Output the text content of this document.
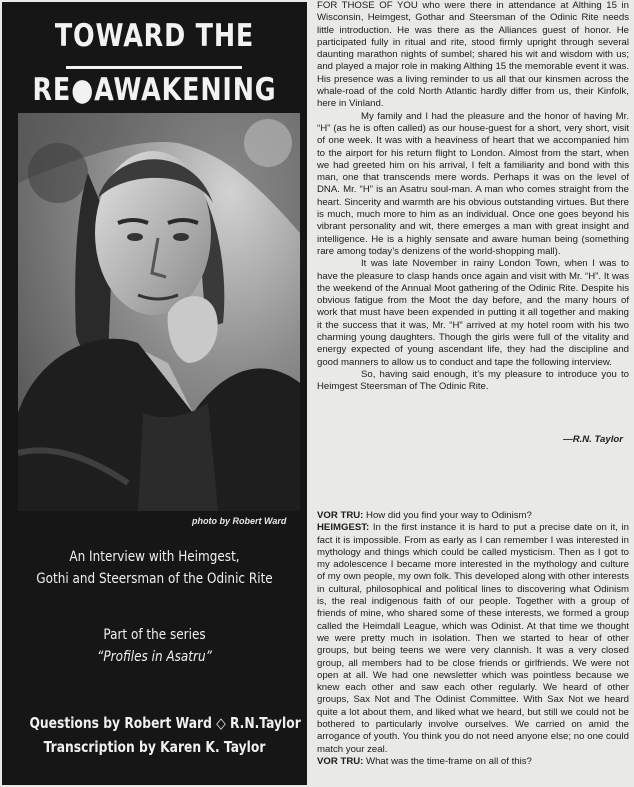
TOWARD THE
RE●AWAKENING
photo by Robert Ward
An Interview with Heimgest,
Gothi and Steersman of the Odinic Rite
Part of the series
“Profiles in Asatru”
Questions by Robert Ward ◇ R.N.Taylor
Transcription by Karen K. Taylor

FOR THOSE OF YOU who were there in attendance at Althing 15 in Wisconsin, Heimgest, Gothar and Steersman of the Odinic Rite needs little introduction. He was there as the Alliances guest of honor. He participated fully in ritual and rite, stood firmly upright through several daunting marathon nights of sumbel; shared his wit and wisdom with us; and played a major role in making Althing 15 the memorable event it was. His presence was a living reminder to us all that our kinsmen across the whale-road of the cold North Atlantic hardly differ from us, their Kinfolk, here in Vinland.

My family and I had the pleasure and the honor of having Mr. “H” (as he is often called) as our house-guest for a short, very short, visit of one week. It was with a heaviness of heart that we accompanied him to the airport for his return flight to London. Almost from the start, when we had greeted him on his arrival, I felt a familiarity and bond with this man, one that transcends mere words. Perhaps it was on the level of DNA. Mr. “H” is an Asatru soul-man. A man who comes straight from the heart. Sincerity and warmth are his obvious outstanding virtues. But there is much, much more to him as an individual. Once one goes beyond his vibrant personality and wit, there emerges a man with great insight and intelligence. He is a highly sensate and aware human being (something rare among today’s denizens of the world-shopping mall).

It was late November in rainy London Town, when I was to have the pleasure to clasp hands once again and visit with Mr. “H”. It was the weekend of the Annual Moot gathering of the Odinic Rite. Despite his obvious fatigue from the Moot the day before, and the many hours of work that must have been expended in putting it all together and making it the success that it was, Mr. “H” arrived at my hotel room with his two charming young daughters. Though the girls were full of the vitality and energy expected of young ascendant life, they had the discipline and good manners to allow us to conduct and tape the following interview.

So, having said enough, it’s my pleasure to introduce you to Heimgest Steersman of The Odinic Rite.

—R.N. Taylor

VOR TRU: How did you find your way to Odinism?

HEIMGEST: In the first instance it is hard to put a precise date on it, in fact it is impossible. From as early as I can remember I was interested in mythology and things which could be called mysticism. Then as I got to my adolescence I became more interested in the mythology and culture of my own people, my own folk. This developed along with other interests in cultural, philosophical and political lines to discovering what Odinism is, the real indigenous faith of our people. Together with a group of friends of mine, who shared some of these interests, we formed a group called the Heimdall League, which was Odinist. At that time we thought we were pretty much in isolation. Then we started to hear of other groups, but being teens we were very clannish. It was a very closed group, all members had to be close friends or girlfriends. We were not open at all. We had one newsletter which was pointless because we knew each other and saw each other regularly. We heard of other groups, Sax Not and The Odinist Committee. With Sax Not we heard quite a lot about them, and liked what we heard, but still we could not be bothered to particularly involve ourselves. We carried on amid the arrogance of youth. You think you do not need anyone else; no one could match your zeal.

VOR TRU: What was the time-frame on all of this?
